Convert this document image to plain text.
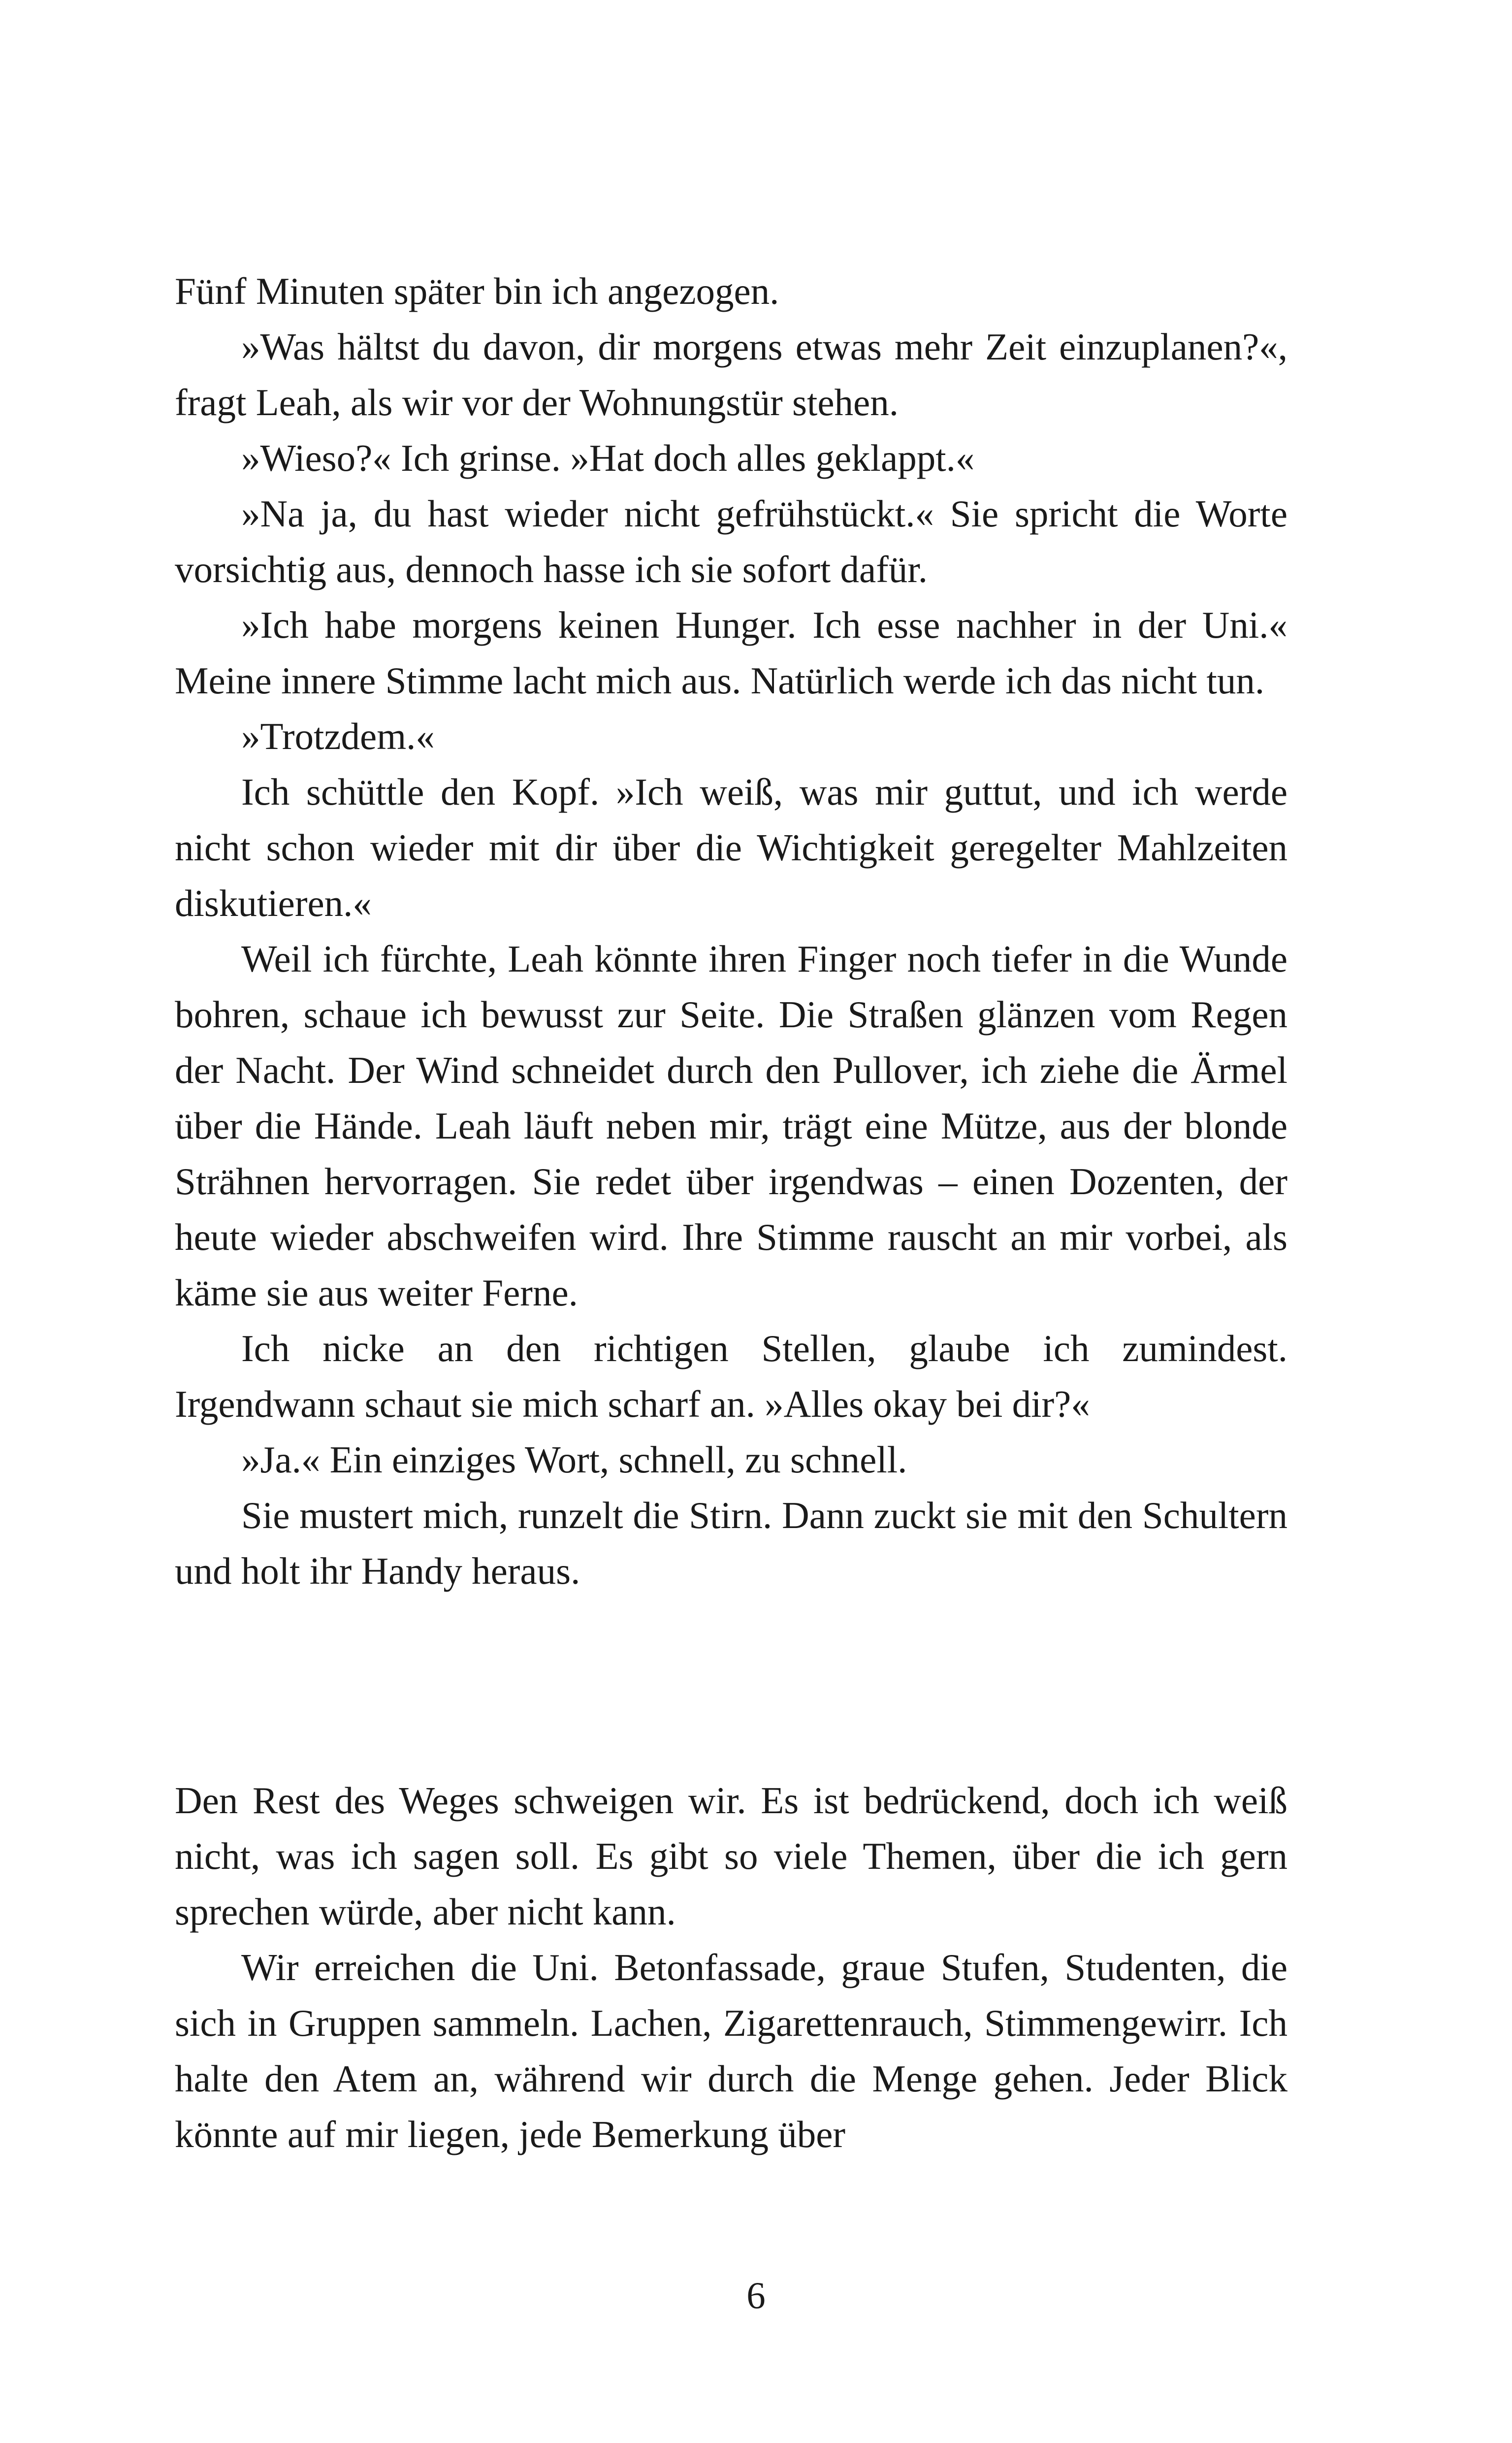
Fünf Minuten später bin ich angezogen.

»Was hältst du davon, dir morgens etwas mehr Zeit einzuplanen?«, fragt Leah, als wir vor der Wohnungstür stehen.

»Wieso?« Ich grinse. »Hat doch alles geklappt.«

»Na ja, du hast wieder nicht gefrühstückt.« Sie spricht die Worte vorsichtig aus, dennoch hasse ich sie sofort dafür.

»Ich habe morgens keinen Hunger. Ich esse nachher in der Uni.« Meine innere Stimme lacht mich aus. Natürlich werde ich das nicht tun.

»Trotzdem.«

Ich schüttle den Kopf. »Ich weiß, was mir guttut, und ich werde nicht schon wieder mit dir über die Wichtigkeit geregelter Mahlzeiten diskutieren.«

Weil ich fürchte, Leah könnte ihren Finger noch tiefer in die Wunde bohren, schaue ich bewusst zur Seite. Die Straßen glänzen vom Regen der Nacht. Der Wind schneidet durch den Pullover, ich ziehe die Ärmel über die Hände. Leah läuft neben mir, trägt eine Mütze, aus der blonde Strähnen hervorragen. Sie redet über irgendwas – einen Dozenten, der heute wieder abschweifen wird. Ihre Stimme rauscht an mir vorbei, als käme sie aus weiter Ferne.

Ich nicke an den richtigen Stellen, glaube ich zumindest. Irgendwann schaut sie mich scharf an. »Alles okay bei dir?«

»Ja.« Ein einziges Wort, schnell, zu schnell.

Sie mustert mich, runzelt die Stirn. Dann zuckt sie mit den Schultern und holt ihr Handy heraus.

Den Rest des Weges schweigen wir. Es ist bedrückend, doch ich weiß nicht, was ich sagen soll. Es gibt so viele Themen, über die ich gern sprechen würde, aber nicht kann.

Wir erreichen die Uni. Betonfassade, graue Stufen, Studenten, die sich in Gruppen sammeln. Lachen, Zigarettenrauch, Stimmengewirr. Ich halte den Atem an, während wir durch die Menge gehen. Jeder Blick könnte auf mir liegen, jede Bemerkung über

6
